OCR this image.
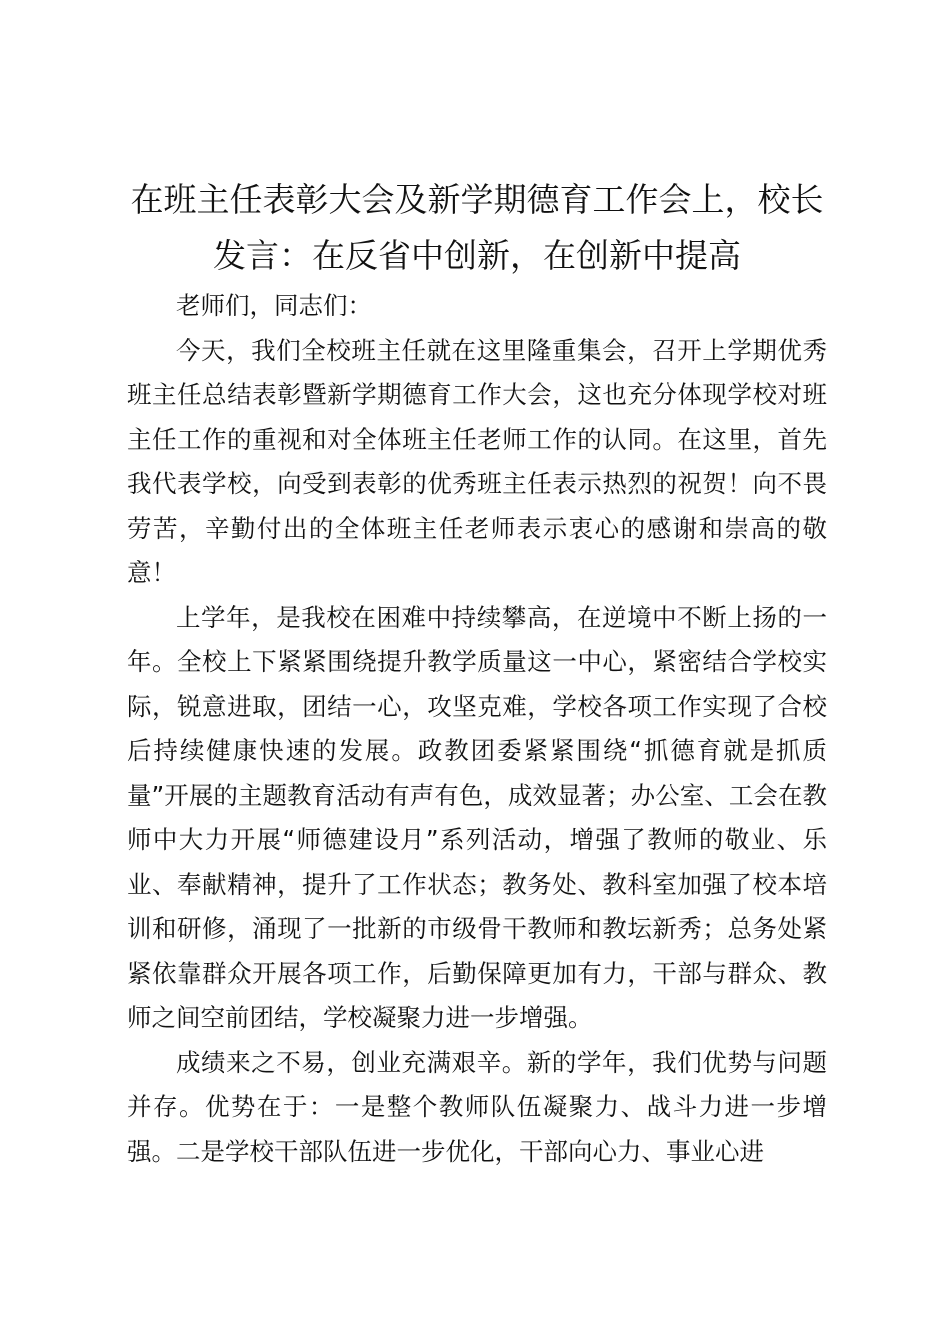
在班主任表彰大会及新学期德育工作会上，校长发言：在反省中创新，在创新中提高

老师们，同志们：

今天，我们全校班主任就在这里隆重集会，召开上学期优秀班主任总结表彰暨新学期德育工作大会，这也充分体现学校对班主任工作的重视和对全体班主任老师工作的认同。在这里，首先我代表学校，向受到表彰的优秀班主任表示热烈的祝贺！向不畏劳苦，辛勤付出的全体班主任老师表示衷心的感谢和崇高的敬意！

上学年，是我校在困难中持续攀高，在逆境中不断上扬的一年。全校上下紧紧围绕提升教学质量这一中心，紧密结合学校实际，锐意进取，团结一心，攻坚克难，学校各项工作实现了合校后持续健康快速的发展。政教团委紧紧围绕“抓德育就是抓质量”开展的主题教育活动有声有色，成效显著；办公室、工会在教师中大力开展“师德建设月”系列活动，增强了教师的敬业、乐业、奉献精神，提升了工作状态；教务处、教科室加强了校本培训和研修，涌现了一批新的市级骨干教师和教坛新秀；总务处紧紧依靠群众开展各项工作，后勤保障更加有力，干部与群众、教师之间空前团结，学校凝聚力进一步增强。

成绩来之不易，创业充满艰辛。新的学年，我们优势与问题并存。优势在于：一是整个教师队伍凝聚力、战斗力进一步增强。二是学校干部队伍进一步优化，干部向心力、事业心进
